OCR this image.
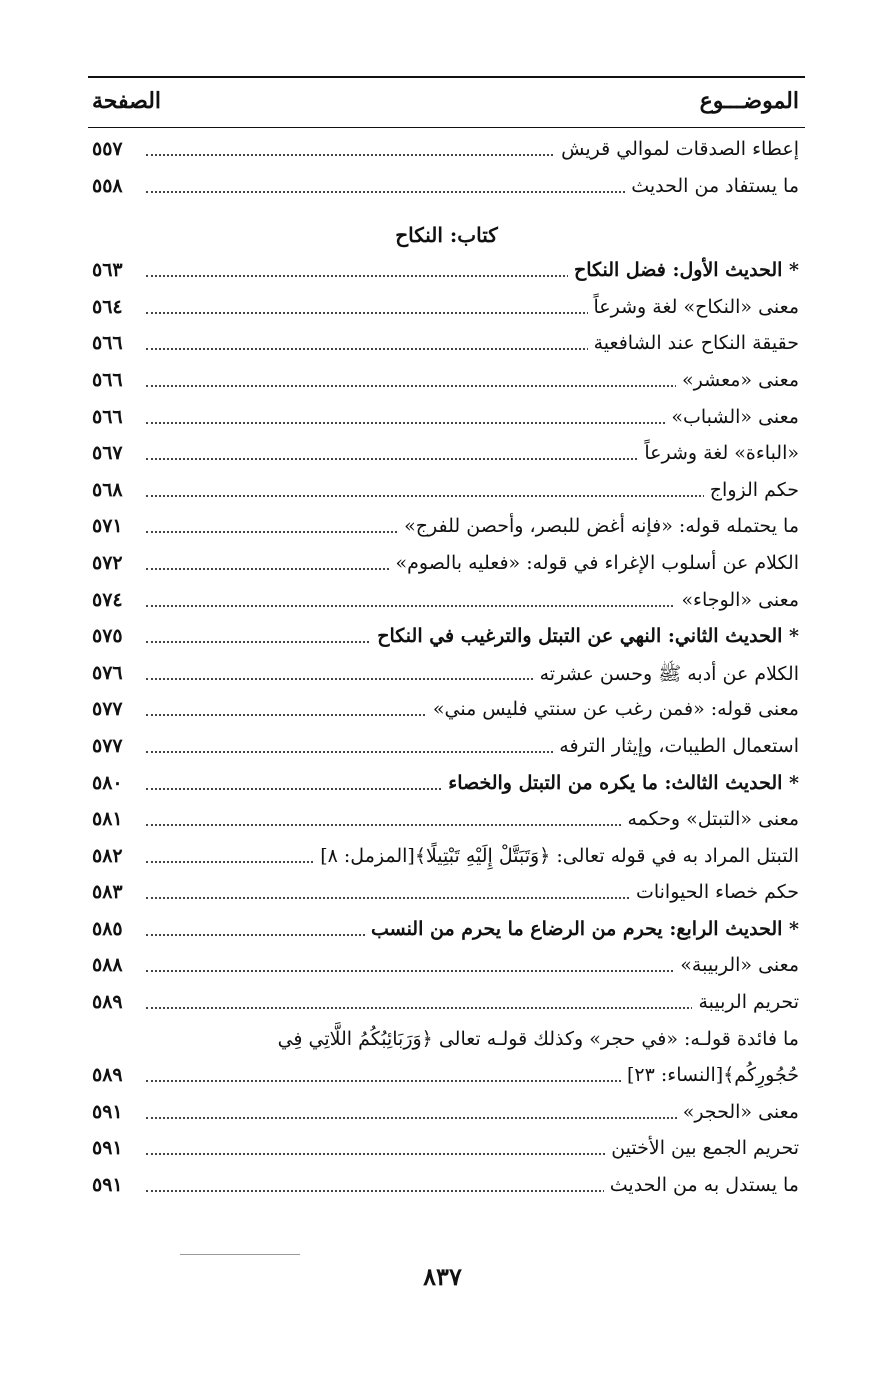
الموضـــوع
الصفحة
إعطاء الصدقات لموالي قريش
٥٥٧
ما يستفاد من الحديث
٥٥٨
كتاب: النكاح
* الحديث الأول: فضل النكاح
٥٦٣
معنى «النكاح» لغة وشرعاً
٥٦٤
حقيقة النكاح عند الشافعية
٥٦٦
معنى «معشر»
٥٦٦
معنى «الشباب»
٥٦٦
«الباءة» لغة وشرعاً
٥٦٧
حكم الزواج
٥٦٨
ما يحتمله قوله: «فإنه أغض للبصر، وأحصن للفرج»
٥٧١
الكلام عن أسلوب الإغراء في قوله: «فعليه بالصوم»
٥٧٢
معنى «الوجاء»
٥٧٤
* الحديث الثاني: النهي عن التبتل والترغيب في النكاح
٥٧٥
الكلام عن أدبه ﷺ وحسن عشرته
٥٧٦
معنى قوله: «فمن رغب عن سنتي فليس مني»
٥٧٧
استعمال الطيبات، وإيثار الترفه
٥٧٧
* الحديث الثالث: ما يكره من التبتل والخصاء
٥٨٠
معنى «التبتل» وحكمه
٥٨١
التبتل المراد به في قوله تعالى: ﴿وَتَبَتَّلْ إِلَيْهِ تَبْتِيلًا﴾[المزمل: ٨]
٥٨٢
حكم خصاء الحيوانات
٥٨٣
* الحديث الرابع: يحرم من الرضاع ما يحرم من النسب
٥٨٥
معنى «الربيبة»
٥٨٨
تحريم الربيبة
٥٨٩
ما فائدة قولـه: «في حجر» وكذلك قولـه تعالى ﴿وَرَبَائِبُكُمُ اللَّاتِي فِي
حُجُورِكُم﴾[النساء: ٢٣]
٥٨٩
معنى «الحجر»
٥٩١
تحريم الجمع بين الأختين
٥٩١
ما يستدل به من الحديث
٥٩١
٨٣٧
